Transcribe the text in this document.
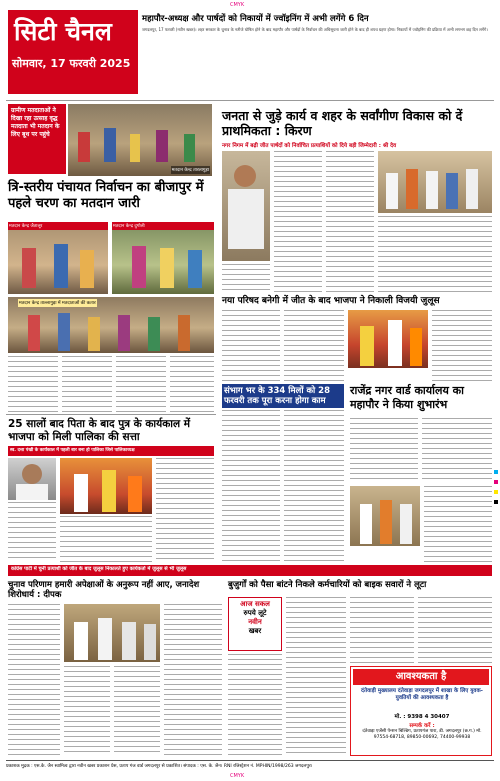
CMYK
सिटी चैनल
सोमवार, 17 फरवरी 2025
महापौर-अध्यक्ष और पार्षदों को निकायों में ज्वॉइनिंग में अभी लगेंगे 6 दिन
जगदलपुर, 17 फरवरी (नवीन खबर)। शहर सरकार के चुनाव के नतीजे घोषित होने के बाद महापौर और पार्षदों के निर्वाचन की अधिसूचना जारी होने के बाद ही शपथ ग्रहण होगा। निकायों में ज्वॉइनिंग की प्रक्रिया में अभी लगभग छह दिन लगेंगे।
ग्रामीण मतदाताओं ने दिखा रहा उत्साह वृद्ध मतदाता भी मतदान के लिए बूथ पर पहुंचे
मतदान केन्द्र तारलागुड़ा
त्रि-स्तरीय पंचायत निर्वाचन का बीजापुर में पहले चरण का मतदान जारी
मतदान केन्द्र जैतालूर	मतदान केन्द्र दुगोली
मतदान केन्द्र ताल्लागुड़ा में मतदाताओं की कतार
जनता से जुड़े कार्य व शहर के सर्वांगीण विकास को दें प्राथमिकता : किरण
नगर निगम में बढ़ी जीत पार्षदों को निर्वाचित प्रत्याशियों को दिये बड़ी जिम्मेदारी : श्री देव
नया परिषद बनेगी में जीत के बाद भाजपा ने निकाली विजयी जुलूस
25 सालों बाद पिता के बाद पुत्र के कार्यकाल में भाजपा को मिली पालिका की सत्ता
स्व. दत्ता पंखी के कार्यकाल में पहली बार बना हो पालिका जिसे पालिकाध्यक्ष
संभाग भर के 334 मिलों को 28 फरवरी तक पूरा करना होगा काम
राजेंद्र नगर वार्ड कार्यालय का महापौर ने किया शुभारंभ
कांग्रेस पार्टी में चुनी प्रत्याशी को जीत के बाद जुलूस निकालते हुए कार्यकर्ता में जुलूस से भी जुलूस
चुनाव परिणाम हमारी अपेक्षाओं के अनुरूप नहीं आए, जनादेश शिरोधार्य : दीपक
बुजुर्गों को पैसा बांटने निकले कर्मचारियों को बाइक सवारों ने लूटा
आज सकल
रुपये लूटे
नवीन
खबर
आवश्यकता है
दंतेवाड़ी मुख्यालय दंतेवाड़ा जगदलपुर में शाखा के लिए युवक-युवतियों की आवश्यकता है
मो. : 9398 4 30407
सम्पर्क करें :
दंतेवाड़ा एजेंसी पेन्शन बिल्डिंग, प्रतापगंज पारा, डी. जगदलपुर (छ.ग.) मो. 97554-68718, 89850-00692, 74400-99938
प्रकाशक मुद्रक : एस.के. जैन स्वामित्व द्वारा नवीन खबर प्रकाशन प्रेस, प्रताप गंज वार्ड जगदलपुर से प्रकाशित। संपादक : एस. के. जैन। RNI रजिस्ट्रेशन नं. MPHIN/1998/263 जगदलपुर।
CMYK
